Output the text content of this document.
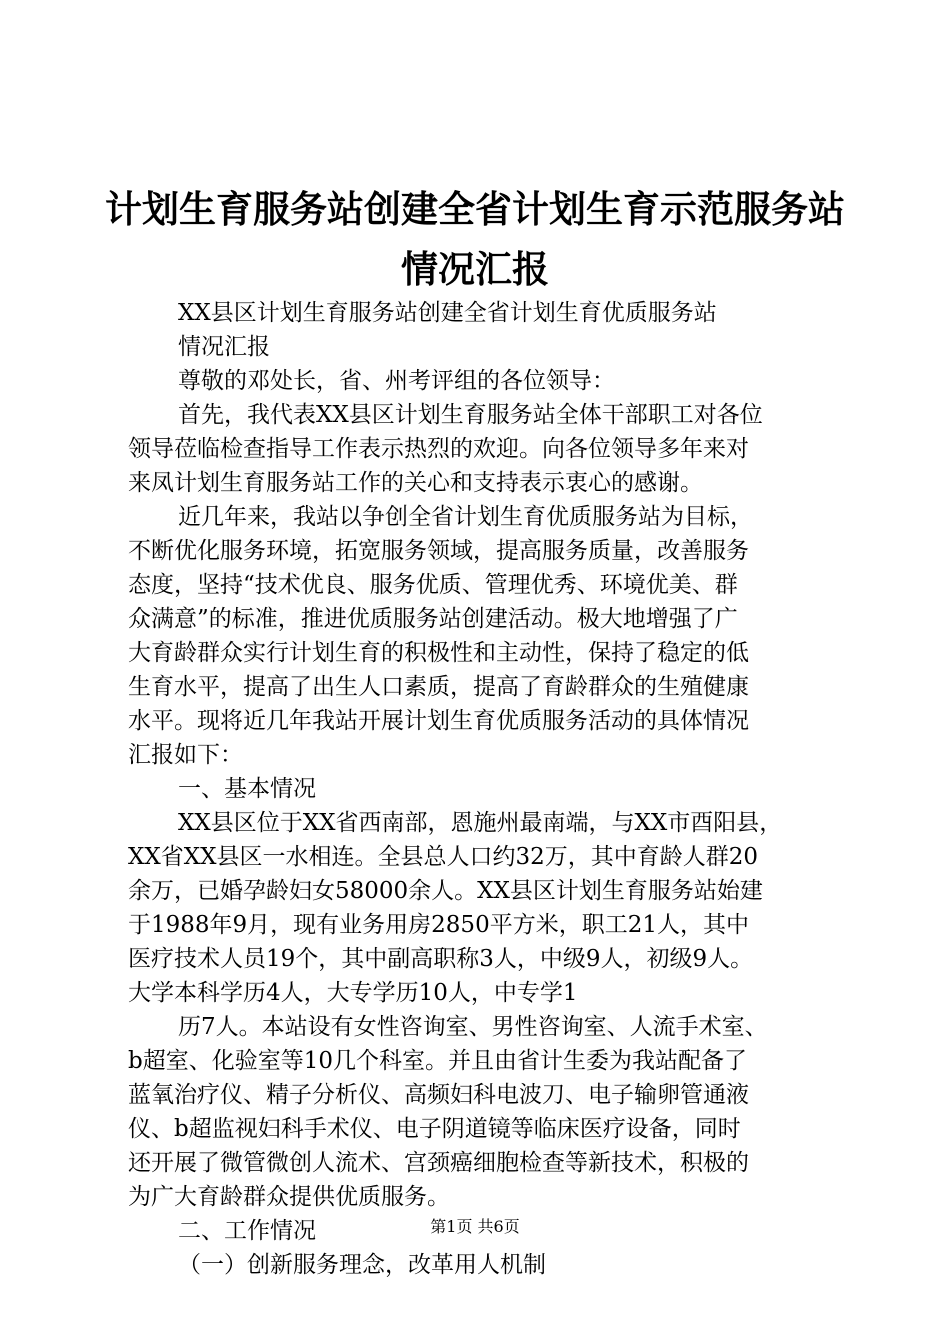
计划生育服务站创建全省计划生育示范服务站
情况汇报
XX县区计划生育服务站创建全省计划生育优质服务站
情况汇报
尊敬的邓处长，省、州考评组的各位领导：
首先，我代表XX县区计划生育服务站全体干部职工对各位
领导莅临检查指导工作表示热烈的欢迎。向各位领导多年来对
来凤计划生育服务站工作的关心和支持表示衷心的感谢。
近几年来，我站以争创全省计划生育优质服务站为目标，
不断优化服务环境，拓宽服务领域，提高服务质量，改善服务
态度，坚持“技术优良、服务优质、管理优秀、环境优美、群
众满意”的标准，推进优质服务站创建活动。极大地增强了广
大育龄群众实行计划生育的积极性和主动性，保持了稳定的低
生育水平，提高了出生人口素质，提高了育龄群众的生殖健康
水平。现将近几年我站开展计划生育优质服务活动的具体情况
汇报如下：
一、基本情况
XX县区位于XX省西南部，恩施州最南端，与XX市酉阳县，
XX省XX县区一水相连。全县总人口约32万，其中育龄人群20
余万，已婚孕龄妇女58000余人。XX县区计划生育服务站始建
于1988年9月，现有业务用房2850平方米，职工21人，其中
医疗技术人员19个，其中副高职称3人，中级9人，初级9人。
大学本科学历4人，大专学历10人，中专学1
历7人。本站设有女性咨询室、男性咨询室、人流手术室、
b超室、化验室等10几个科室。并且由省计生委为我站配备了
蓝氧治疗仪、精子分析仪、高频妇科电波刀、电子输卵管通液
仪、b超监视妇科手术仪、电子阴道镜等临床医疗设备，同时
还开展了微管微创人流术、宫颈癌细胞检查等新技术，积极的
为广大育龄群众提供优质服务。
二、工作情况
（一）创新服务理念，改革用人机制
第1页 共6页
